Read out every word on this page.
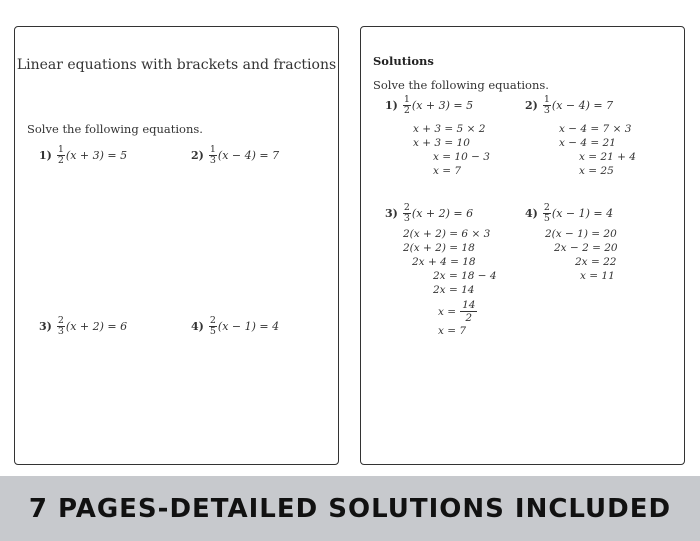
Linear equations with brackets and fractions
Solve the following equations.
$1) \frac{1}{2} (x + 3) = 5$	$2) \frac{1}{3} (x - 4) = 7$
$3) \frac{2}{3} (x + 2) = 6$	$4) \frac{2}{5} (x - 1) = 4$
Solutions
Solve the following equations.
$1) \frac{1}{2} (x + 3) = 5$
x + 3 = 5 × 2
x + 3 = 10
x = 10 − 3
x = 7
$2) \frac{1}{3} (x - 4) = 7$
x − 4 = 7 × 3
x − 4 = 21
x = 21 + 4
x = 25
$3) \frac{2}{3} (x + 2) = 6$
2(x + 2) = 6 × 3
2(x + 2) = 18
2x + 4 = 18
2x = 18 − 4
2x = 14
$x = \frac{14}{2}$
x = 7
$4) \frac{2}{5} (x - 1) = 4$
2(x − 1) = 20
2x − 2 = 20
2x = 22
x = 11
7 PAGES-DETAILED SOLUTIONS INCLUDED
